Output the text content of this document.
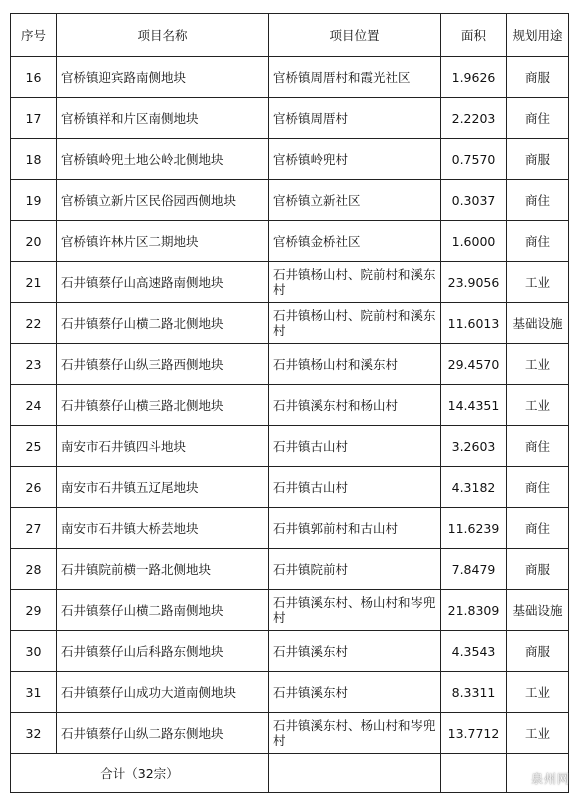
序号	项目名称	项目位置	面积	规划用途
16	官桥镇迎宾路南侧地块	官桥镇周厝村和霞光社区	1.9626	商服
17	官桥镇祥和片区南侧地块	官桥镇周厝村	2.2203	商住
18	官桥镇岭兜土地公岭北侧地块	官桥镇岭兜村	0.7570	商服
19	官桥镇立新片区民俗园西侧地块	官桥镇立新社区	0.3037	商住
20	官桥镇许林片区二期地块	官桥镇金桥社区	1.6000	商住
21	石井镇蔡仔山高速路南侧地块	石井镇杨山村、院前村和溪东村	23.9056	工业
22	石井镇蔡仔山横二路北侧地块	石井镇杨山村、院前村和溪东村	11.6013	基础设施
23	石井镇蔡仔山纵三路西侧地块	石井镇杨山村和溪东村	29.4570	工业
24	石井镇蔡仔山横三路北侧地块	石井镇溪东村和杨山村	14.4351	工业
25	南安市石井镇四斗地块	石井镇古山村	3.2603	商住
26	南安市石井镇五辽尾地块	石井镇古山村	4.3182	商住
27	南安市石井镇大桥芸地块	石井镇郭前村和古山村	11.6239	商住
28	石井镇院前横一路北侧地块	石井镇院前村	7.8479	商服
29	石井镇蔡仔山横二路南侧地块	石井镇溪东村、杨山村和岑兜村	21.8309	基础设施
30	石井镇蔡仔山后科路东侧地块	石井镇溪东村	4.3543	商服
31	石井镇蔡仔山成功大道南侧地块	石井镇溪东村	8.3311	工业
32	石井镇蔡仔山纵二路东侧地块	石井镇溪东村、杨山村和岑兜村	13.7712	工业
合计（32宗）					泉州网
